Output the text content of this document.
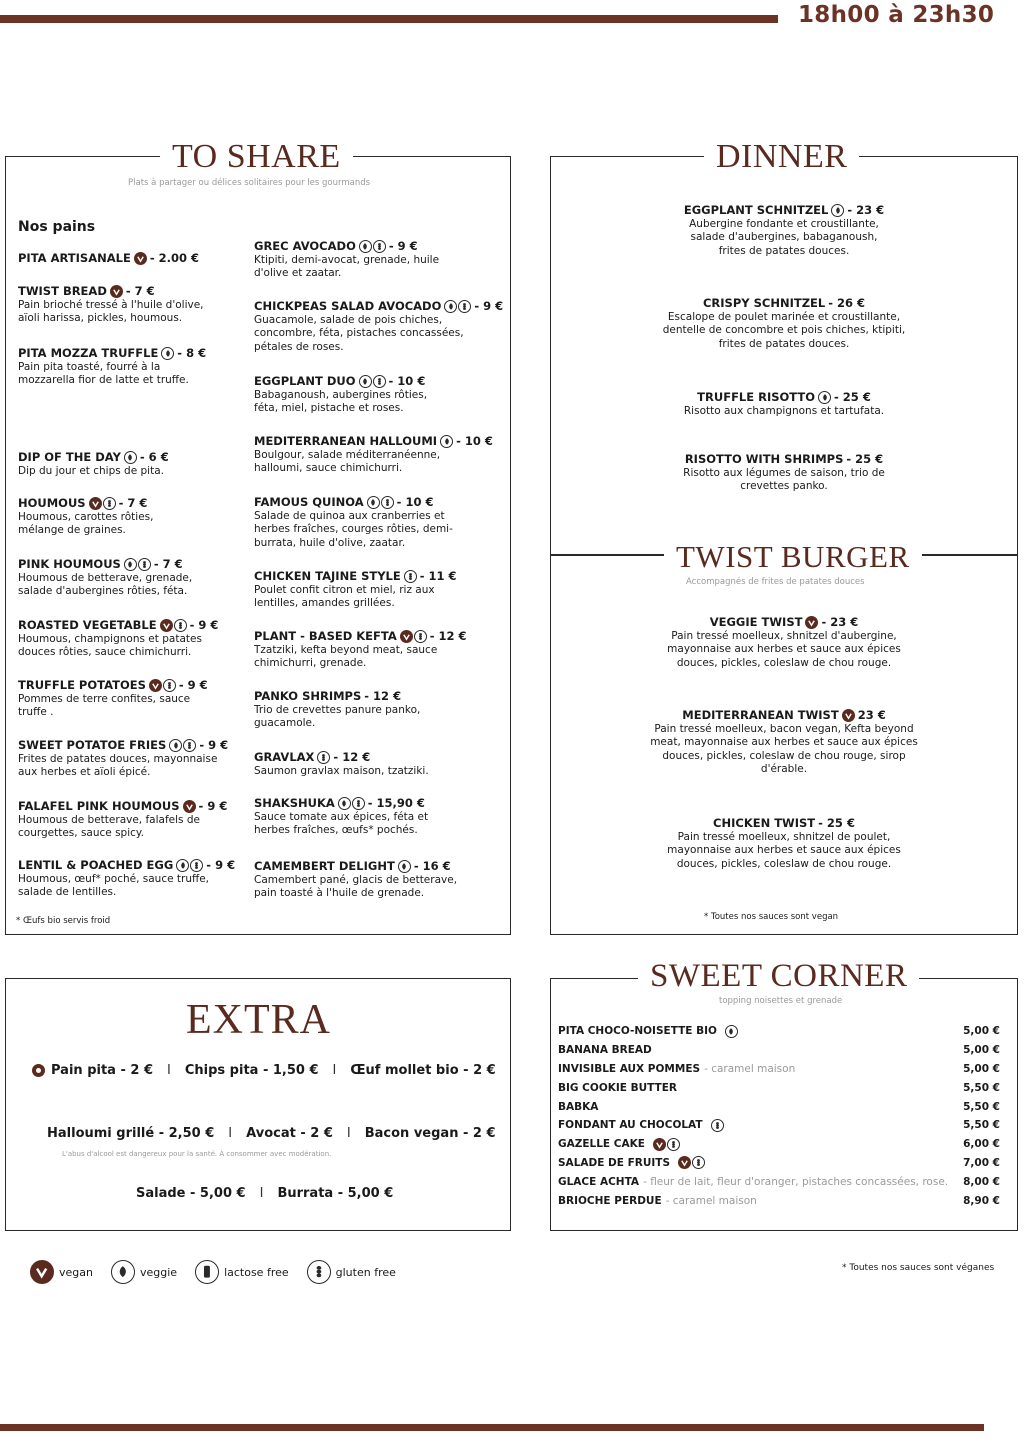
18h00 à 23h30
TO SHARE
Plats à partager ou délices solitaires pour les gourmands
Nos pains
PITA ARTISANALE - 2.00 €
TWIST BREAD - 7 €
Pain brioché tressé à l'huile d'olive, aïoli harissa, pickles, houmous.
PITA MOZZA TRUFFLE - 8 €
Pain pita toasté, fourré à la mozzarella fior de latte et truffe.
DIP OF THE DAY - 6 €
Dip du jour et chips de pita.
HOUMOUS	- 7 €
Houmous, carottes rôties, mélange de graines.
PINK HOUMOUS	- 7 €
Houmous de betterave, grenade, salade d'aubergines rôties, féta.
ROASTED VEGETABLE	- 9 €
Houmous, champignons et patates douces rôties, sauce chimichurri.
TRUFFLE POTATOES	- 9 €
Pommes de terre confites, sauce truffe .
SWEET POTATOE FRIES	- 9 €
Frites de patates douces, mayonnaise aux herbes et aïoli épicé.
FALAFEL PINK HOUMOUS - 9 €
Houmous de betterave, falafels de courgettes, sauce spicy.
LENTIL & POACHED EGG	- 9 €
Houmous, œuf* poché, sauce truffe, salade de lentilles.
GREC AVOCADO	- 9 €
Ktipiti, demi-avocat, grenade, huile d'olive et zaatar.
CHICKPEAS SALAD AVOCADO	- 9 €
Guacamole, salade de pois chiches, concombre, féta, pistaches concassées, pétales de roses.
EGGPLANT DUO	- 10 €
Babaganoush, aubergines rôties, féta, miel, pistache et roses.
MEDITERRANEAN HALLOUMI - 10 €
Boulgour, salade méditerranéenne, halloumi, sauce chimichurri.
FAMOUS QUINOA	- 10 €
Salade de quinoa aux cranberries et herbes fraîches, courges rôties, demi-burrata, huile d'olive, zaatar.
CHICKEN TAJINE STYLE - 11 €
Poulet confit citron et miel, riz aux lentilles, amandes grillées.
PLANT - BASED KEFTA	- 12 €
Tzatziki, kefta beyond meat, sauce chimichurri, grenade.
PANKO SHRIMPS - 12 €
Trio de crevettes panure panko, guacamole.
GRAVLAX - 12 €
Saumon gravlax maison, tzatziki.
SHAKSHUKA	- 15,90 €
Sauce tomate aux épices, féta et herbes fraîches, œufs* pochés.
CAMEMBERT DELIGHT - 16 €
Camembert pané, glacis de betterave, pain toasté à l'huile de grenade.
* Œufs bio servis froid
DINNER
EGGPLANT SCHNITZEL - 23 €
Aubergine fondante et croustillante, salade d'aubergines, babaganoush, frites de patates douces.
CRISPY SCHNITZEL - 26 €
Escalope de poulet marinée et croustillante, dentelle de concombre et pois chiches, ktipiti, frites de patates douces.
TRUFFLE RISOTTO - 25 €
Risotto aux champignons et tartufata.
RISOTTO WITH SHRIMPS - 25 €
Risotto aux légumes de saison, trio de crevettes panko.
TWIST BURGER
Accompagnés de frites de patates douces
VEGGIE TWIST - 23 €
Pain tressé moelleux, shnitzel d'aubergine, mayonnaise aux herbes et sauce aux épices douces, pickles, coleslaw de chou rouge.
MEDITERRANEAN TWIST 23 €
Pain tressé moelleux, bacon vegan, Kefta beyond meat, mayonnaise aux herbes et sauce aux épices douces, pickles, coleslaw de chou rouge, sirop d'érable.
CHICKEN TWIST - 25 €
Pain tressé moelleux, shnitzel de poulet, mayonnaise aux herbes et sauce aux épices douces, pickles, coleslaw de chou rouge.
* Toutes nos sauces sont vegan
EXTRA
Pain pita - 2 € I Chips pita - 1,50 € I Œuf mollet bio - 2 €
Halloumi grillé - 2,50 € I Avocat - 2 € I Bacon vegan - 2 €
L'abus d'alcool est dangereux pour la santé. À consommer avec modération.
Salade - 5,00 € I Burrata - 5,00 €
SWEET CORNER
topping noisettes et grenade
PITA CHOCO-NOISETTE BIO	5,00 €
BANANA BREAD	5,00 €
INVISIBLE AUX POMMES - caramel maison	5,00 €
BIG COOKIE BUTTER	5,50 €
BABKA	5,50 €
FONDANT AU CHOCOLAT	5,50 €
GAZELLE CAKE	6,00 €
SALADE DE FRUITS	7,00 €
GLACE ACHTA - fleur de lait, fleur d'oranger, pistaches concassées, rose. 8,00 €
BRIOCHE PERDUE - caramel maison	8,90 €
vegan	veggie	lactose free	gluten free	* Toutes nos sauces sont véganes
